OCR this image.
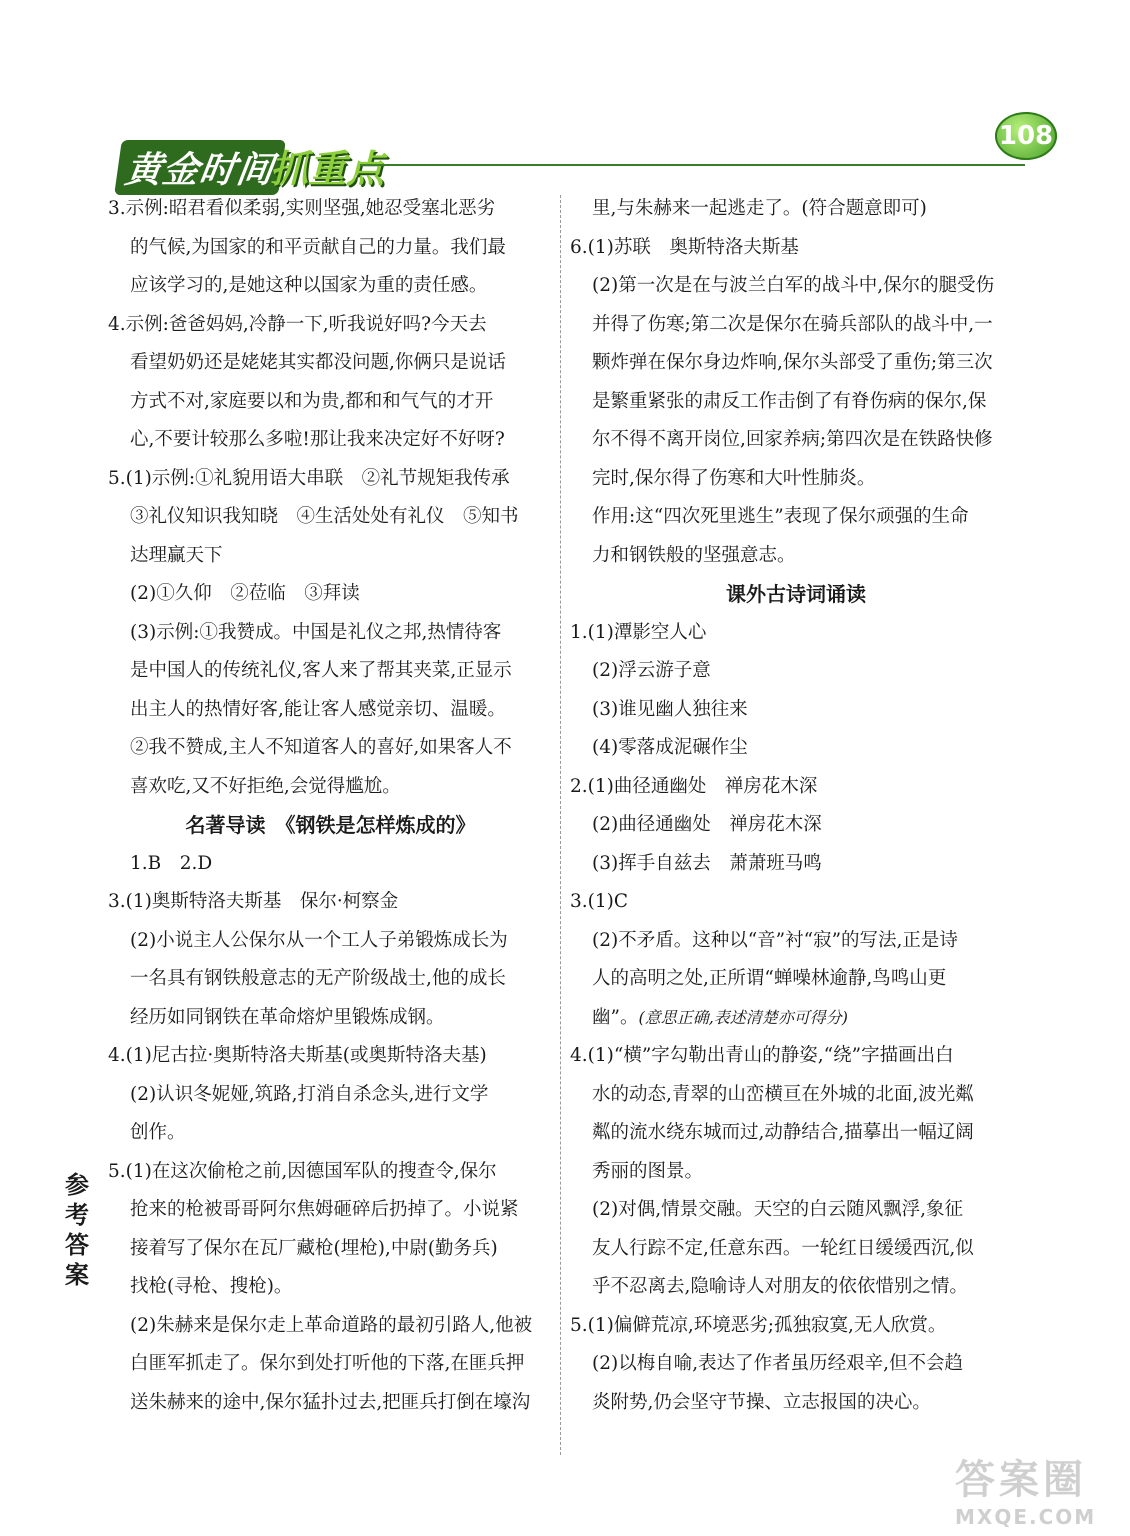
黄金时间
抓重点
108

3.示例:昭君看似柔弱,实则坚强,她忍受塞北恶劣

的气候,为国家的和平贡献自己的力量。我们最

应该学习的,是她这种以国家为重的责任感。

4.示例:爸爸妈妈,冷静一下,听我说好吗?今天去

看望奶奶还是姥姥其实都没问题,你俩只是说话

方式不对,家庭要以和为贵,都和和气气的才开

心,不要计较那么多啦!那让我来决定好不好呀?

5.(1)示例:①礼貌用语大串联　②礼节规矩我传承

③礼仪知识我知晓　④生活处处有礼仪　⑤知书

达理赢天下

(2)①久仰　②莅临　③拜读

(3)示例:①我赞成。中国是礼仪之邦,热情待客

是中国人的传统礼仪,客人来了帮其夹菜,正显示

出主人的热情好客,能让客人感觉亲切、温暖。

②我不赞成,主人不知道客人的喜好,如果客人不

喜欢吃,又不好拒绝,会觉得尴尬。

名著导读　《钢铁是怎样炼成的》

1.B　2.D

3.(1)奥斯特洛夫斯基　保尔·柯察金

(2)小说主人公保尔从一个工人子弟锻炼成长为

一名具有钢铁般意志的无产阶级战士,他的成长

经历如同钢铁在革命熔炉里锻炼成钢。

4.(1)尼古拉·奥斯特洛夫斯基(或奥斯特洛夫基)

(2)认识冬妮娅,筑路,打消自杀念头,进行文学

创作。

5.(1)在这次偷枪之前,因德国军队的搜查令,保尔

抢来的枪被哥哥阿尔焦姆砸碎后扔掉了。小说紧

接着写了保尔在瓦厂藏枪(埋枪),中尉(勤务兵)

找枪(寻枪、搜枪)。

(2)朱赫来是保尔走上革命道路的最初引路人,他被

白匪军抓走了。保尔到处打听他的下落,在匪兵押

送朱赫来的途中,保尔猛扑过去,把匪兵打倒在壕沟

里,与朱赫来一起逃走了。(符合题意即可)

6.(1)苏联　奥斯特洛夫斯基

(2)第一次是在与波兰白军的战斗中,保尔的腿受伤

并得了伤寒;第二次是保尔在骑兵部队的战斗中,一

颗炸弹在保尔身边炸响,保尔头部受了重伤;第三次

是繁重紧张的肃反工作击倒了有脊伤病的保尔,保

尔不得不离开岗位,回家养病;第四次是在铁路快修

完时,保尔得了伤寒和大叶性肺炎。

作用:这“四次死里逃生”表现了保尔顽强的生命

力和钢铁般的坚强意志。

课外古诗词诵读

1.(1)潭影空人心

(2)浮云游子意

(3)谁见幽人独往来

(4)零落成泥碾作尘

2.(1)曲径通幽处　禅房花木深

(2)曲径通幽处　禅房花木深

(3)挥手自兹去　萧萧班马鸣

3.(1)C

(2)不矛盾。这种以“音”衬“寂”的写法,正是诗

人的高明之处,正所谓“蝉噪林逾静,鸟鸣山更

幽”。(意思正确,表述清楚亦可得分)

4.(1)“横”字勾勒出青山的静姿,“绕”字描画出白

水的动态,青翠的山峦横亘在外城的北面,波光粼

粼的流水绕东城而过,动静结合,描摹出一幅辽阔

秀丽的图景。

(2)对偶,情景交融。天空的白云随风飘浮,象征

友人行踪不定,任意东西。一轮红日缓缓西沉,似

乎不忍离去,隐喻诗人对朋友的依依惜别之情。

5.(1)偏僻荒凉,环境恶劣;孤独寂寞,无人欣赏。

(2)以梅自喻,表达了作者虽历经艰辛,但不会趋

炎附势,仍会坚守节操、立志报国的决心。

参考答案
答案圈
MXQE.COM
